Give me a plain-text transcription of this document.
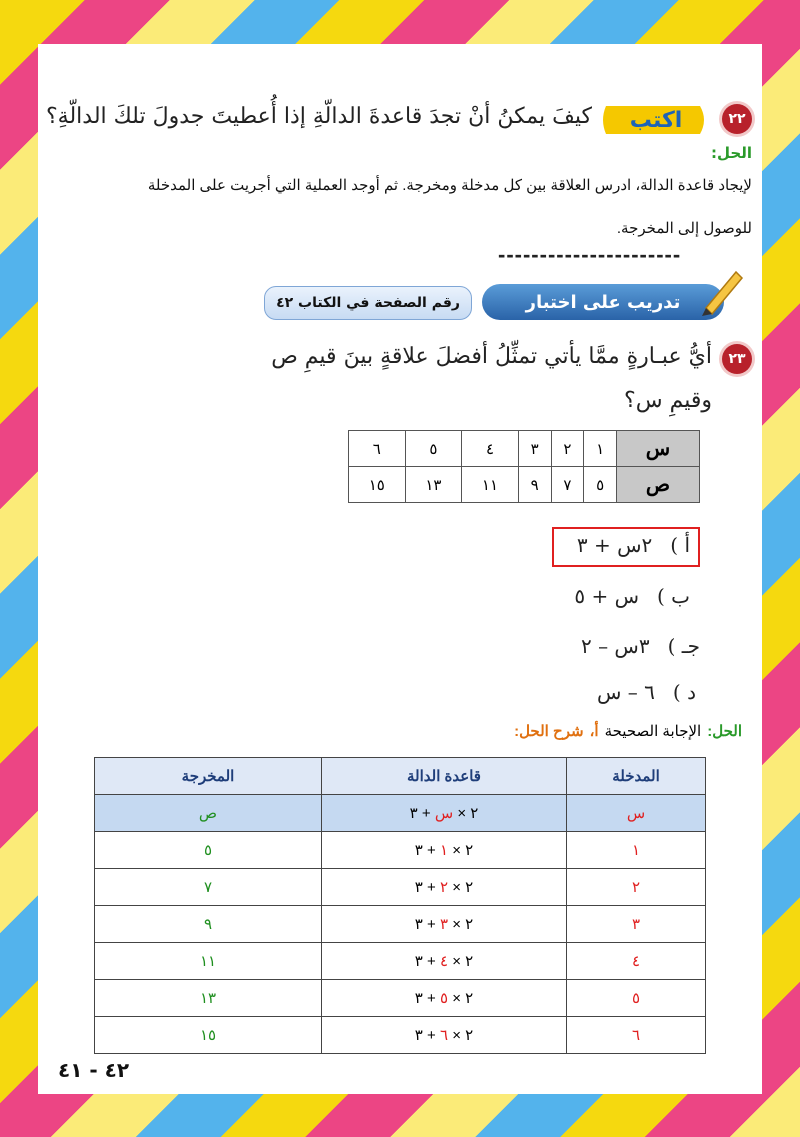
٢٢
اكتب
كيفَ يمكنُ أنْ تجدَ قاعدةَ الدالّةِ إذا أُعطيتَ جدولَ تلكَ الدالّةِ؟
الحل:
لإيجاد قاعدة الدالة، ادرس العلاقة بين كل مدخلة ومخرجة. ثم أوجد العملية التي أجريت على المدخلة
للوصول إلى المخرجة.
----------------------
تدريب على اختبار
رقم الصفحة في الكتاب ٤٢
٢٣
أيُّ عبـارةٍ ممَّا يأتي تمثِّلُ أفضلَ علاقةٍ بينَ قيمِ ص
وقيمِ س؟
٦	٥	٤	٣	٢	١	س
١٥	١٣	١١	٩	٧	٥	ص
أ )
٢س + ٣
ب )
س + ٥
جـ )
٣س – ٢
د )
٦ – س
الحل:
الإجابة الصحيحة
أ،
شرح الحل:
المدخلة	قاعدة الدالة	المخرجة
س	٢ × س + ٣	ص
١	٢ × ١ + ٣	٥
٢	٢ × ٢ + ٣	٧
٣	٢ × ٣ + ٣	٩
٤	٢ × ٤ + ٣	١١
٥	٢ × ٥ + ٣	١٣
٦	٢ × ٦ + ٣	١٥
٤٢ - ٤١
